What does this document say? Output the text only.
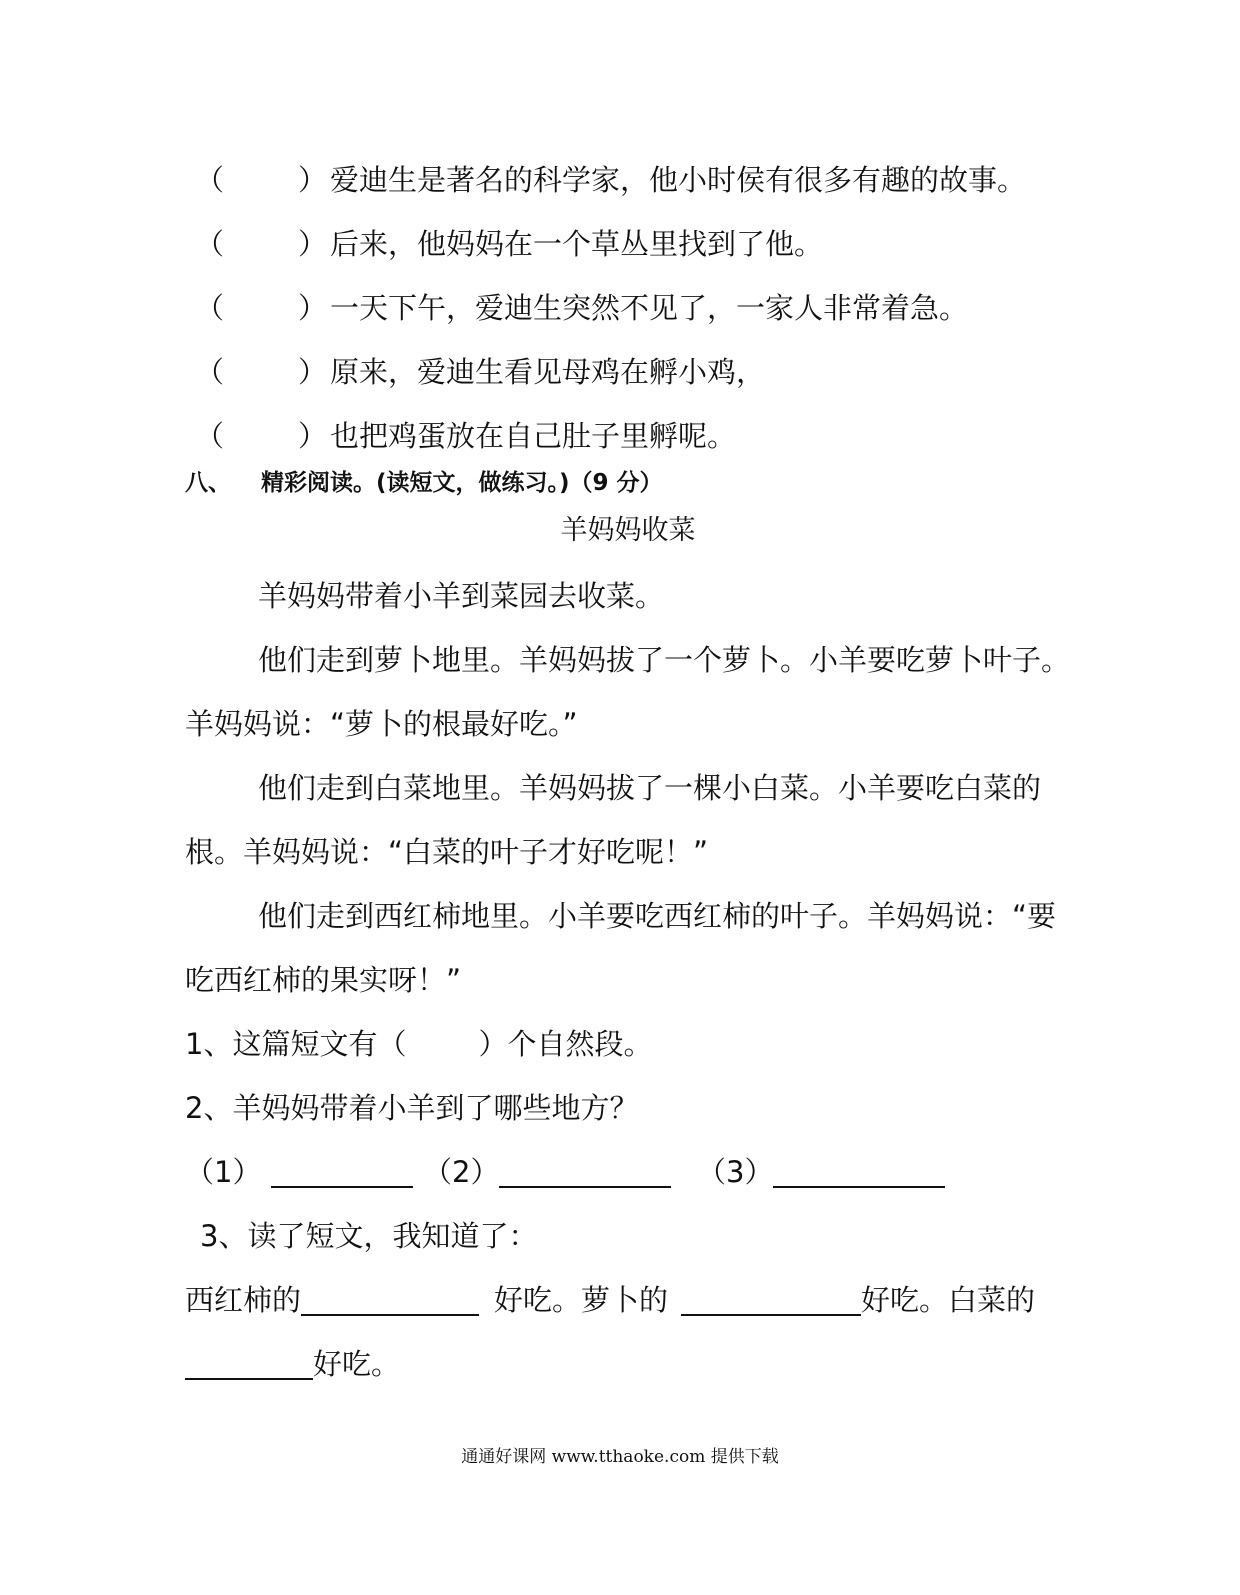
（	） 爱迪生是著名的科学家，他小时侯有很多有趣的故事。
（	） 后来，他妈妈在一个草丛里找到了他。
（	） 一天下午，爱迪生突然不见了，一家人非常着急。
（	） 原来，爱迪生看见母鸡在孵小鸡，
（	） 也把鸡蛋放在自己肚子里孵呢。
八、 精彩阅读。(读短文，做练习。)（9 分）
羊妈妈收菜
羊妈妈带着小羊到菜园去收菜。
他们走到萝卜地里。羊妈妈拔了一个萝卜。小羊要吃萝卜叶子。
羊妈妈说：“萝卜的根最好吃。”
他们走到白菜地里。羊妈妈拔了一棵小白菜。小羊要吃白菜的
根。羊妈妈说：“白菜的叶子才好吃呢！”
他们走到西红柿地里。小羊要吃西红柿的叶子。羊妈妈说：“要
吃西红柿的果实呀！”
1、这篇短文有（ ）个自然段。
2、羊妈妈带着小羊到了哪些地方？
（1）	（2）	（3）
3、读了短文，我知道了：
西红柿的	好吃。萝卜的	好吃。白菜的
好吃。
通通好课网 www.tthaoke.com 提供下载
